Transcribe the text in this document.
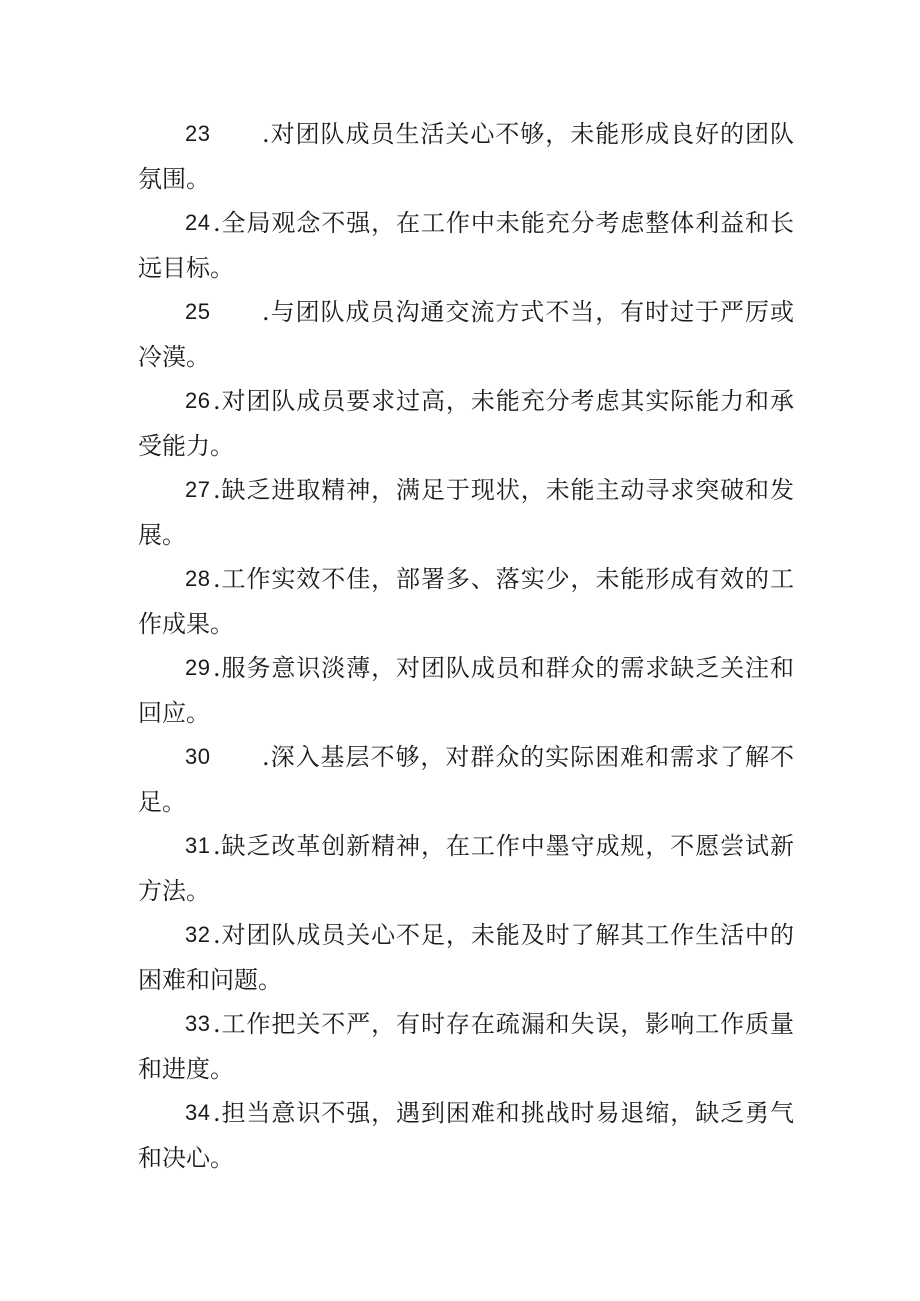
23 .对团队成员生活关心不够，未能形成良好的团队
氛围。
24 .全局观念不强，在工作中未能充分考虑整体利益和长
远目标。
25 .与团队成员沟通交流方式不当，有时过于严厉或
冷漠。
26 .对团队成员要求过高，未能充分考虑其实际能力和承
受能力。
27 .缺乏进取精神，满足于现状，未能主动寻求突破和发
展。
28 .工作实效不佳，部署多、落实少，未能形成有效的工
作成果。
29 .服务意识淡薄，对团队成员和群众的需求缺乏关注和
回应。
30 .深入基层不够，对群众的实际困难和需求了解不
足。
31 .缺乏改革创新精神，在工作中墨守成规，不愿尝试新
方法。
32 .对团队成员关心不足，未能及时了解其工作生活中的
困难和问题。
33 .工作把关不严，有时存在疏漏和失误，影响工作质量
和进度。
34 .担当意识不强，遇到困难和挑战时易退缩，缺乏勇气
和决心。
